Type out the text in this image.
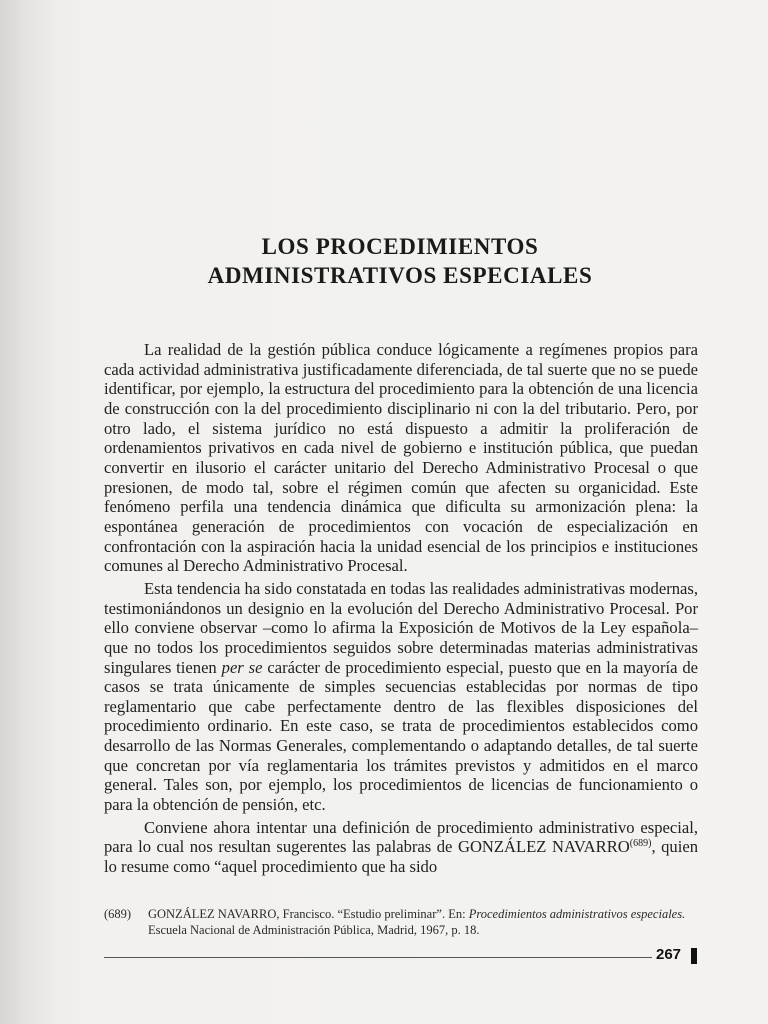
LOS PROCEDIMIENTOS
ADMINISTRATIVOS ESPECIALES

La realidad de la gestión pública conduce lógicamente a regímenes propios para cada actividad administrativa justificadamente diferenciada, de tal suerte que no se puede identificar, por ejemplo, la estructura del procedimiento para la obtención de una licencia de construcción con la del procedimiento disciplinario ni con la del tributario. Pero, por otro lado, el sistema jurídico no está dispuesto a admitir la proliferación de ordenamientos privativos en cada nivel de gobierno e institución pública, que puedan convertir en ilusorio el carácter unitario del Derecho Administrativo Procesal o que presionen, de modo tal, sobre el régimen común que afecten su organicidad. Este fenómeno perfila una tendencia dinámica que dificulta su armonización plena: la espontánea generación de procedimientos con vocación de especialización en confrontación con la aspiración hacia la unidad esencial de los principios e instituciones comunes al Derecho Administrativo Procesal.

Esta tendencia ha sido constatada en todas las realidades administrativas modernas, testimoniándonos un designio en la evolución del Derecho Administrativo Procesal. Por ello conviene observar –como lo afirma la Exposición de Motivos de la Ley española– que no todos los procedimientos seguidos sobre determinadas materias administrativas singulares tienen per se carácter de procedimiento especial, puesto que en la mayoría de casos se trata únicamente de simples secuencias establecidas por normas de tipo reglamentario que cabe perfectamente dentro de las flexibles disposiciones del procedimiento ordinario. En este caso, se trata de procedimientos establecidos como desarrollo de las Normas Generales, complementando o adaptando detalles, de tal suerte que concretan por vía reglamentaria los trámites previstos y admitidos en el marco general. Tales son, por ejemplo, los procedimientos de licencias de funcionamiento o para la obtención de pensión, etc.

Conviene ahora intentar una definición de procedimiento administrativo especial, para lo cual nos resultan sugerentes las palabras de GONZÁLEZ NAVARRO$^{(689)}$, quien lo resume como “aquel procedimiento que ha sido

(689) GONZÁLEZ NAVARRO, Francisco. “Estudio preliminar”. En: Procedimientos administrativos especiales. Escuela Nacional de Administración Pública, Madrid, 1967, p. 18.
267
